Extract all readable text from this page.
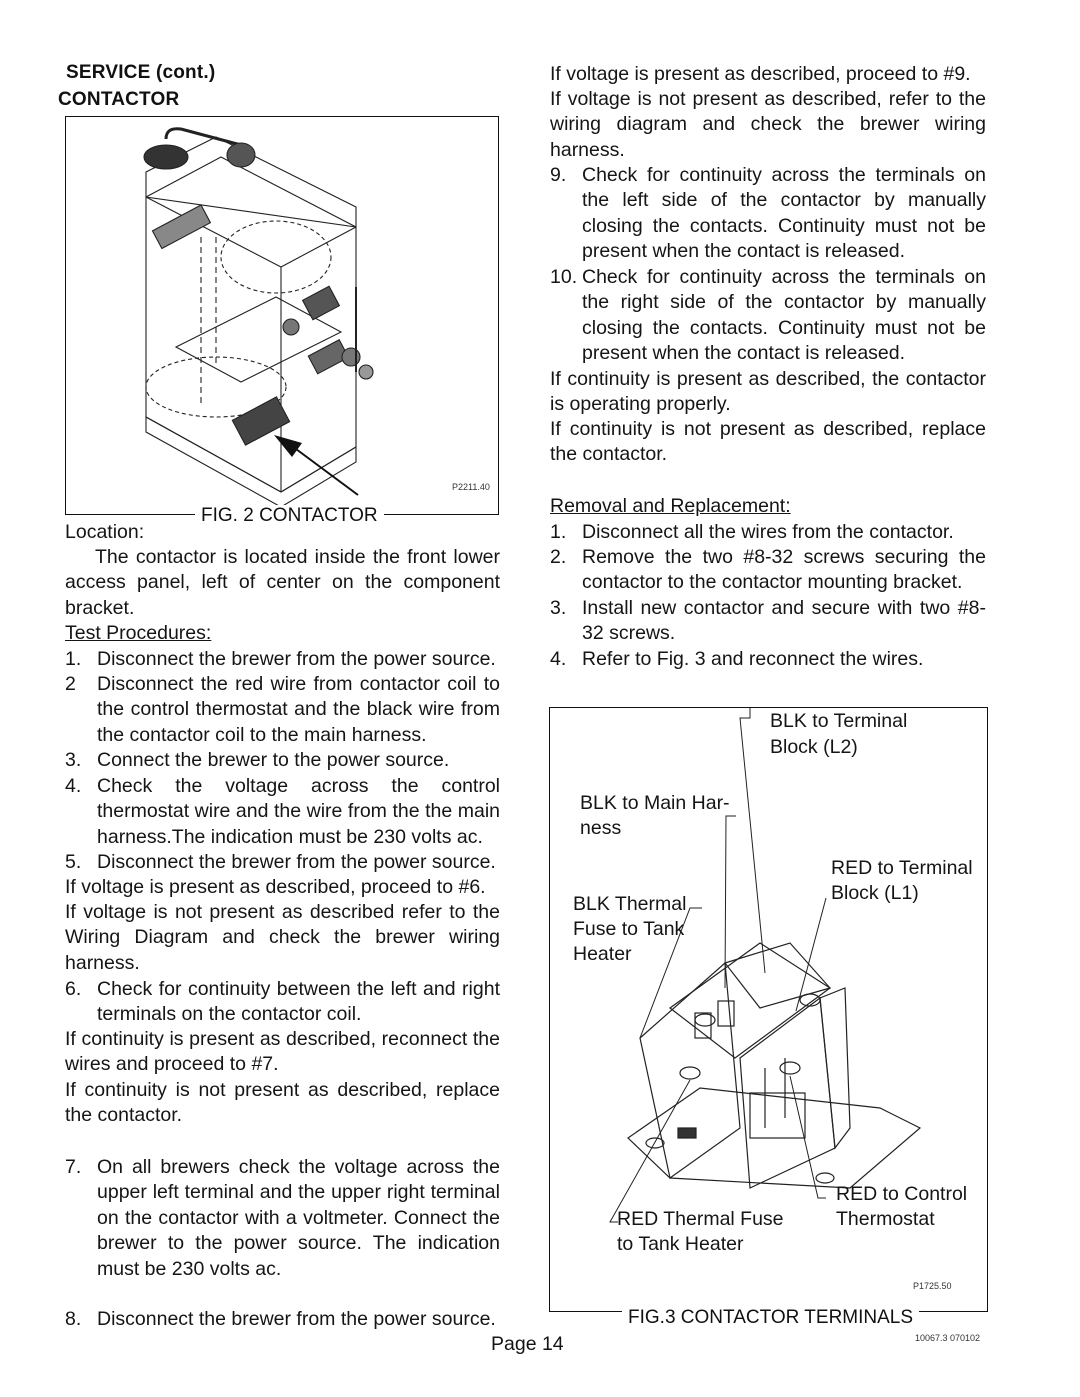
SERVICE (cont.)
CONTACTOR
P2211.40
FIG. 2 CONTACTOR
Location:
The contactor is located inside the front lower access panel, left of center on the component bracket.
Test Procedures:
1. Disconnect the brewer from the power source.
2 Disconnect the red wire from contactor coil to the control thermostat and the black wire from the contactor coil to the main harness.
3. Connect the brewer to the power source.
4. Check the voltage across the control thermostat wire and the wire from the the main harness.The indication must be 230 volts ac.
5. Disconnect the brewer from the power source.
If voltage is present as described, proceed to #6.
If voltage is not present as described refer to the Wiring Diagram and check the brewer wiring harness.
6. Check for continuity between the left and right terminals on the contactor coil.
If continuity is present as described, reconnect the wires and proceed to #7.
If continuity is not present as described, replace the contactor.
7. On all brewers check the voltage across the upper left terminal and the upper right terminal on the contactor with a voltmeter. Connect the brewer to the power source. The indication must be 230 volts ac.
8. Disconnect the brewer from the power source.
If voltage is present as described, proceed to #9.
If voltage is not present as described, refer to the wiring diagram and check the brewer wiring harness.
9. Check for continuity across the terminals on the left side of the contactor by manually closing the contacts. Continuity must not be present when the contact is released.
10. Check for continuity across the terminals on the right side of the contactor by manually closing the contacts. Continuity must not be present when the contact is released.
If continuity is present as described, the contactor is operating properly.
If continuity is not present as described, replace the contactor.
Removal and Replacement:
1. Disconnect all the wires from the contactor.
2. Remove the two #8-32 screws securing the contactor to the contactor mounting bracket.
3. Install new contactor and secure with two #8-32 screws.
4. Refer to Fig. 3 and reconnect the wires.
BLK to Terminal
Block (L2)
BLK to Main Har-
ness
RED to Terminal
Block (L1)
BLK Thermal
Fuse to Tank
Heater
RED Thermal Fuse
to Tank Heater
RED to Control
Thermostat
P1725.50
FIG.3 CONTACTOR TERMINALS
Page 14	10067.3 070102
